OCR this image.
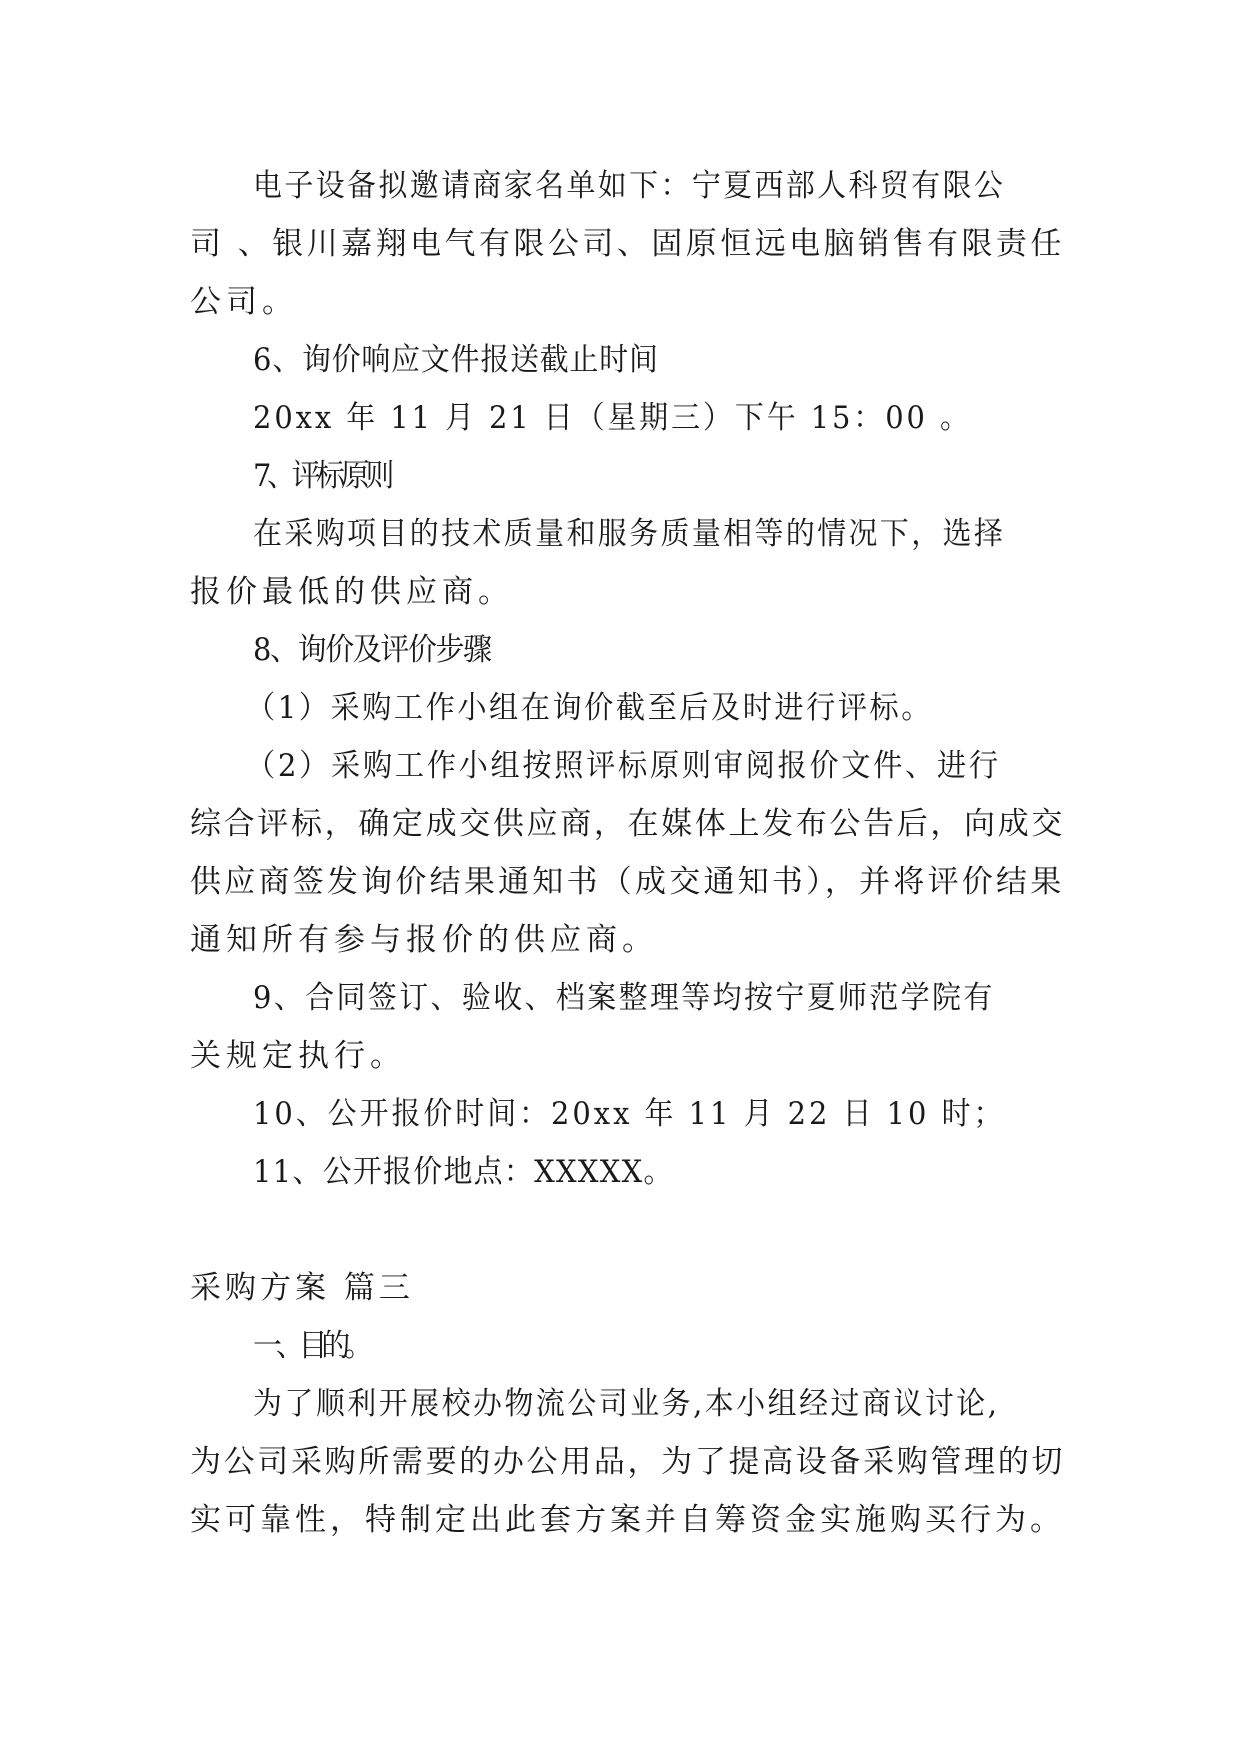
电子设备拟邀请商家名单如下：宁夏西部人科贸有限公
司 、银川嘉翔电气有限公司、固原恒远电脑销售有限责任
公司。
6、询价响应文件报送截止时间
20xx 年 11 月 21 日（星期三）下午 15：00 。
7、评标原则
在采购项目的技术质量和服务质量相等的情况下，选择
报价最低的供应商。
8、询价及评价步骤
（1）采购工作小组在询价截至后及时进行评标。
（2）采购工作小组按照评标原则审阅报价文件、进行
综合评标，确定成交供应商，在媒体上发布公告后，向成交
供应商签发询价结果通知书（成交通知书），并将评价结果
通知所有参与报价的供应商。
9、合同签订、验收、档案整理等均按宁夏师范学院有
关规定执行。
10、公开报价时间：20xx 年 11 月 22 日 10 时；
11、公开报价地点：XXXXX。
采购方案 篇三
一、目的。
为了顺利开展校办物流公司业务,本小组经过商议讨论,
为公司采购所需要的办公用品，为了提高设备采购管理的切
实可靠性，特制定出此套方案并自筹资金实施购买行为。
